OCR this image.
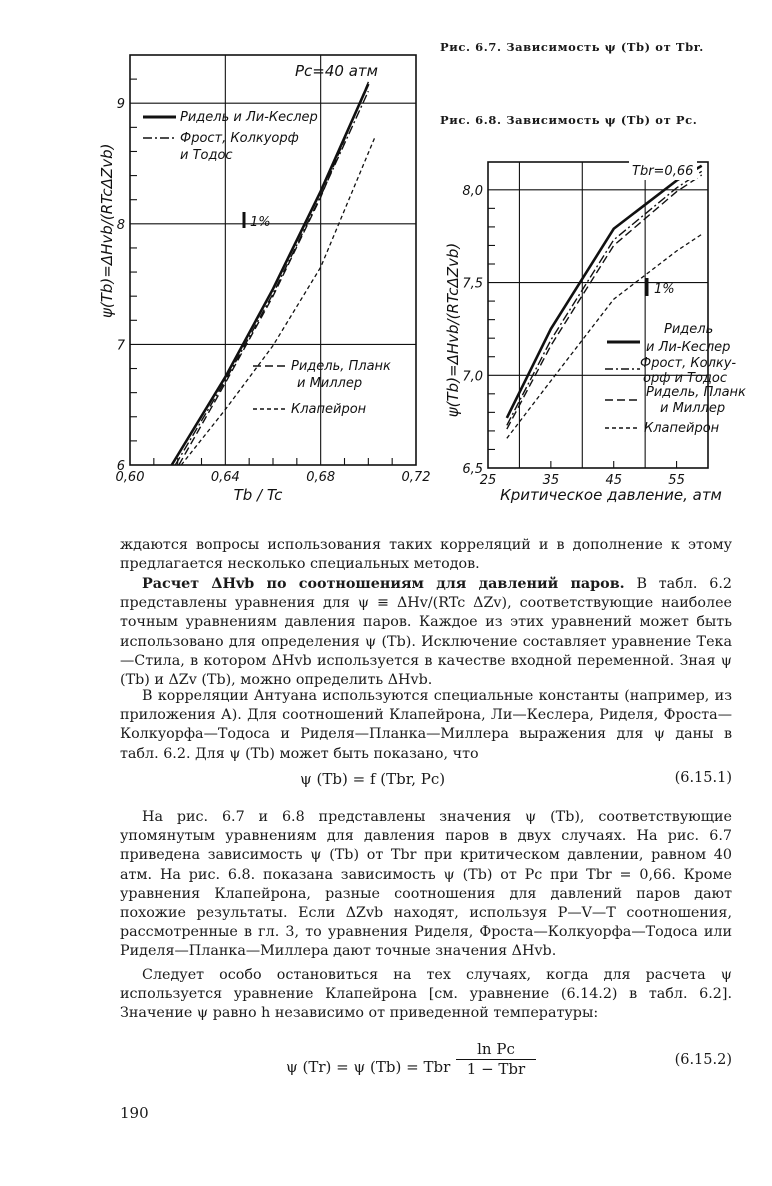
Рис. 6.7. Зависимость ψ (Tb) от Tbr.
Рис. 6.8. Зависимость ψ (Tb) от Pc.
0,60	0,64	0,68	0,72
6
7
8
9
ψ(Tb)=ΔHvb/(RTcΔZvb)
Tb / Tc
Pc=40 атм
1%
Ридель и Ли-Кеслер
Фрост, Колкуорф
и Тодос
Ридель, Планк
и Миллер
Клапейрон
25	35	45	55
6,5
7,0
7,5
8,0
ψ(Tb)=ΔHvb/(RTcΔZvb)
Критическое давление, атм
Tbr=0,66
1%
Ридель
и Ли-Кеслер
Фрост, Колку-
орф и Тодос
Ридель, Планк
и Миллер
Клапейрон

ждаются вопросы использования таких корреляций и в дополнение к этому предлагается несколько специальных методов.

Расчет ΔHvb по соотношениям для давлений паров. В табл. 6.2 представлены уравнения для ψ ≡ ΔHv/(RTc ΔZv), соответствующие наиболее точным уравнениям давления паров. Каждое из этих уравнений может быть использовано для определения ψ (Tb). Исключение составляет уравнение Тека—Стила, в котором ΔHvb используется в качестве входной переменной. Зная ψ (Tb) и ΔZv (Tb), можно определить ΔHvb.

В корреляции Антуана используются специальные константы (например, из приложения А). Для соотношений Клапейрона, Ли—Кеслера, Риделя, Фроста—Колкуорфа—Тодоса и Риделя—Планка—Миллера выражения для ψ даны в табл. 6.2. Для ψ (Tb) может быть показано, что

ψ (Tb) = f (Tbr, Pc)	(6.15.1)

На рис. 6.7 и 6.8 представлены значения ψ (Tb), соответствующие упомянутым уравнениям для давления паров в двух случаях. На рис. 6.7 приведена зависимость ψ (Tb) от Tbr при критическом давлении, равном 40 атм. На рис. 6.8. показана зависимость ψ (Tb) от Pc при Tbr = 0,66. Кроме уравнения Клапейрона, разные соотношения для давлений паров дают похожие результаты. Если ΔZvb находят, используя P—V—T соотношения, рассмотренные в гл. 3, то уравнения Риделя, Фроста—Колкуорфа—Тодоса или Риделя—Планка—Миллера дают точные значения ΔHvb.

Следует особо остановиться на тех случаях, когда для расчета ψ используется уравнение Клапейрона [см. уравнение (6.14.2) в табл. 6.2]. Значение ψ равно h независимо от приведенной температуры:

ψ (Tr) = ψ (Tb) = Tbr
ln Pc
1 − Tbr	(6.15.2)
190
